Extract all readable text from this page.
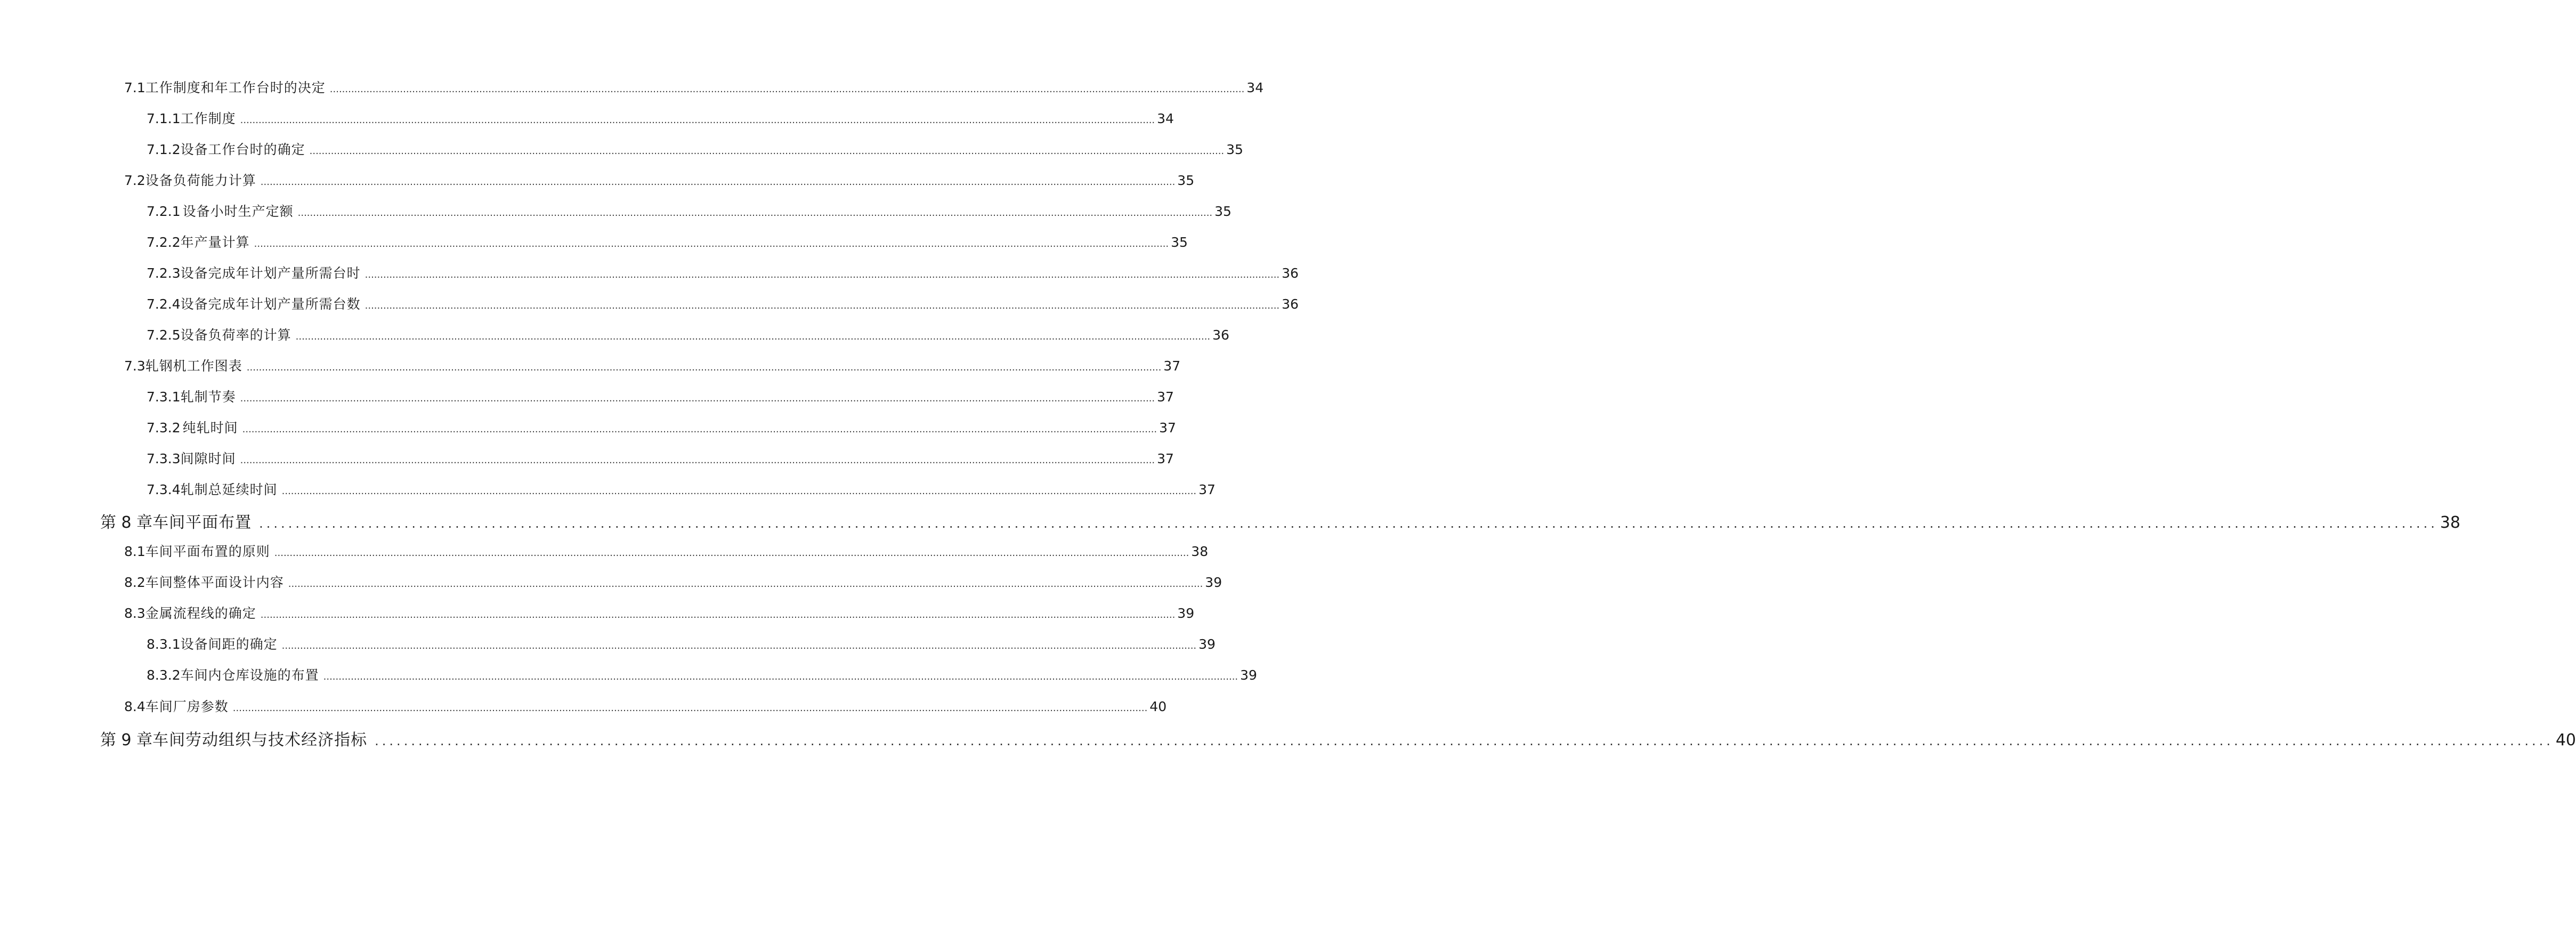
7.1 工作制度和年工作台时的决定 ............................................................................................................................................................................................................................................................................................................ 34
7.1.1 工作制度 ............................................................................................................................................................................................................................................................................................................ 34
7.1.2 设备工作台时的确定 ............................................................................................................................................................................................................................................................................................................ 35
7.2 设备负荷能力计算 ............................................................................................................................................................................................................................................................................................................ 35
7.2.1 设备小时生产定额 ............................................................................................................................................................................................................................................................................................................ 35
7.2.2 年产量计算 ............................................................................................................................................................................................................................................................................................................ 35
7.2.3 设备完成年计划产量所需台时 ............................................................................................................................................................................................................................................................................................................ 36
7.2.4 设备完成年计划产量所需台数 ............................................................................................................................................................................................................................................................................................................ 36
7.2.5 设备负荷率的计算 ............................................................................................................................................................................................................................................................................................................ 36
7.3 轧钢机工作图表 ............................................................................................................................................................................................................................................................................................................ 37
7.3.1 轧制节奏 ............................................................................................................................................................................................................................................................................................................ 37
7.3.2 纯轧时间 ............................................................................................................................................................................................................................................................................................................ 37
7.3.3 间隙时间 ............................................................................................................................................................................................................................................................................................................ 37
7.3.4 轧制总延续时间 ............................................................................................................................................................................................................................................................................................................ 37
第 8 章 车间平面布置 ............................................................................................................................................................................................................................................................................................................ 38
8.1 车间平面布置的原则 ............................................................................................................................................................................................................................................................................................................ 38
8.2 车间整体平面设计内容 ............................................................................................................................................................................................................................................................................................................ 39
8.3 金属流程线的确定 ............................................................................................................................................................................................................................................................................................................ 39
8.3.1 设备间距的确定 ............................................................................................................................................................................................................................................................................................................ 39
8.3.2 车间内仓库设施的布置 ............................................................................................................................................................................................................................................................................................................ 39
8.4 车间厂房参数 ............................................................................................................................................................................................................................................................................................................ 40
第 9 章 车间劳动组织与技术经济指标 ............................................................................................................................................................................................................................................................................................................ 40
